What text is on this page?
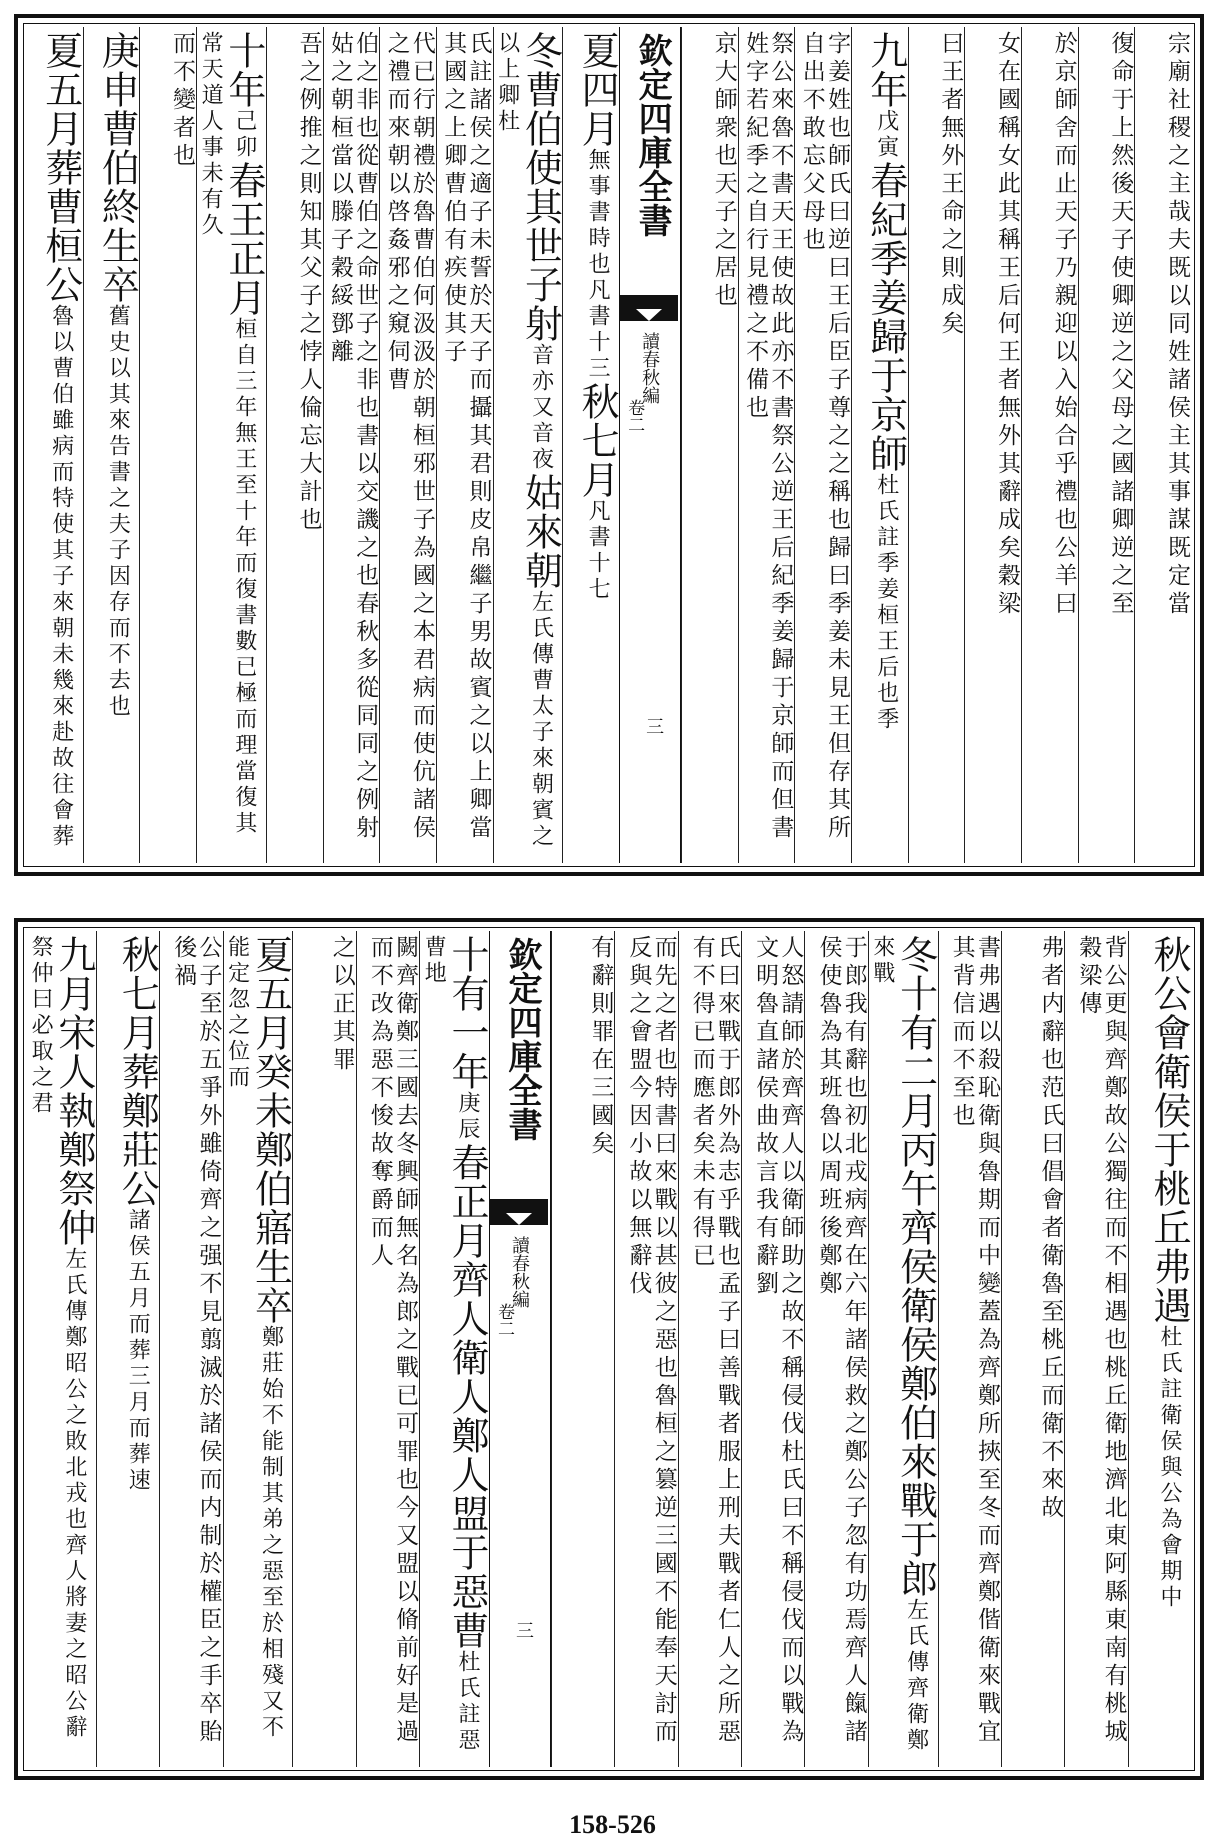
宗廟社稷之主哉夫既以同姓諸侯主其事謀既定當
復命于上然後天子使卿逆之父母之國諸卿逆之至
於京師舍而止天子乃親迎以入始合乎禮也公羊曰
女在國稱女此其稱王后何王者無外其辭成矣穀梁
曰王者無外王命之則成矣
九年戊寅春紀季姜歸于京師杜氏註季姜桓王后也季
字姜姓也師氏曰逆曰王后臣子尊之之稱也歸曰季姜未見王但存其所自出不敢忘父母也
祭公來魯不書天王使故此亦不書祭公逆王后紀季姜歸于京師而但書姓字若紀季之自行見禮之不備也
京大師衆也天子之居也
欽定四庫全書
讀春秋編
卷二
三
夏四月無事書時也凡書十三秋七月凡書十七
冬曹伯使其世子射音亦又音夜姑來朝左氏傳曹太子來朝賓之以上卿杜
氏註諸侯之適子未誓於天子而攝其君則皮帛繼子男故賓之以上卿當其國之上卿曹伯有疾使其子
代已行朝禮於魯曹伯何汲汲於朝桓邪世子為國之本君病而使伉諸侯之禮而來朝以啓姦邪之窺伺曹
伯之非也從曹伯之命世子之非也書以交譏之也春秋多從同同之例射姑之朝桓當以滕子穀綏鄧離
吾之例推之則知其父子之悖人倫忘大計也
十年己卯春王正月桓自三年無王至十年而復書數已極而理當復其常天道人事未有久
而不變者也
庚申曹伯終生卒舊史以其來告書之夫子因存而不去也
夏五月葬曹桓公魯以曹伯雖病而特使其子來朝未幾來赴故往會葬
秋公會衛侯于桃丘弗遇杜氏註衛侯與公為會期中
背公更與齊鄭故公獨往而不相遇也桃丘衛地濟北東阿縣東南有桃城穀梁傳
弗者内辭也范氏曰倡會者衛魯至桃丘而衛不來故
書弗遇以殺恥衛與魯期而中變蓋為齊鄭所挾至冬而齊鄭偕衛來戰宜其背信而不至也
冬十有二月丙午齊侯衛侯鄭伯來戰于郎左氏傳齊衛鄭來戰
于郎我有辭也初北戎病齊在六年諸侯救之鄭公子忽有功焉齊人餼諸侯使魯為其班魯以周班後鄭鄭
人怒請師於齊齊人以衛師助之故不稱侵伐杜氏曰不稱侵伐而以戰為文明魯直諸侯曲故言我有辭劉
氏曰來戰于郎外為志乎戰也孟子曰善戰者服上刑夫戰者仁人之所惡有不得已而應者矣未有得已
而先之者也特書曰來戰以甚彼之惡也魯桓之篡逆三國不能奉天討而反與之會盟今因小故以無辭伐
有辭則罪在三國矣
欽定四庫全書
讀春秋編
卷二
三
十有一年庚辰春正月齊人衛人鄭人盟于惡曹杜氏註惡曹地
闕齊衛鄭三國去冬興師無名為郎之戰已可罪也今又盟以脩前好是過而不改為惡不悛故奪爵而人
之以正其罪
夏五月癸未鄭伯寤生卒鄭莊始不能制其弟之惡至於相殘又不能定忽之位而
公子至於五爭外雖倚齊之强不見翦滅於諸侯而内制於權臣之手卒貽後禍
秋七月葬鄭莊公諸侯五月而葬三月而葬速
九月宋人執鄭祭仲左氏傳鄭昭公之敗北戎也齊人將妻之昭公辭祭仲曰必取之君
158-526
